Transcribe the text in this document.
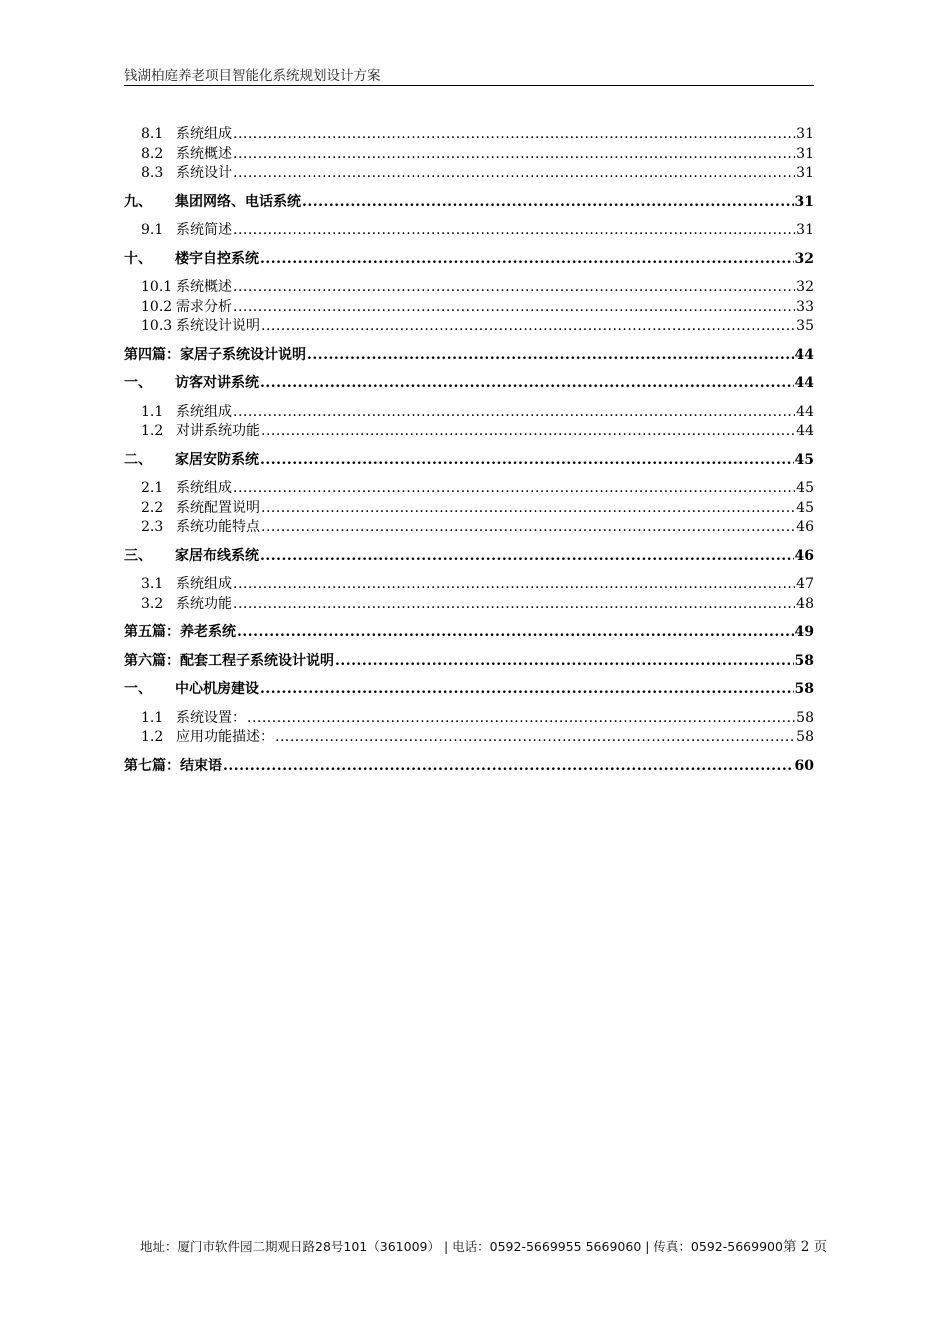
钱湖柏庭养老项目智能化系统规划设计方案
8.1 系统组成 .....	31
8.2 系统概述 .....	31
8.3 系统设计 .....	31
九、	集团网络、电话系统 .....	31
9.1 系统简述 .....	31
十、	楼宇自控系统 .....	32
10.1 系统概述 .....	32
10.2 需求分析 .....	33
10.3 系统设计说明 .....	35
第四篇：家居子系统设计说明 .....	44
一、	访客对讲系统 .....	44
1.1 系统组成 .....	44
1.2 对讲系统功能 .....	44
二、	家居安防系统 .....	45
2.1 系统组成 .....	45
2.2 系统配置说明 .....	45
2.3 系统功能特点 .....	46
三、	家居布线系统 .....	46
3.1 系统组成 .....	47
3.2 系统功能 .....	48
第五篇：养老系统 .....	49
第六篇：配套工程子系统设计说明 .....	58
一、	中心机房建设 .....	58
1.1 系统设置： .....	58
1.2 应用功能描述： .....	58
第七篇：结束语 .....	60
地址：厦门市软件园二期观日路28号101（361009） | 电话：0592-5669955 5669060 | 传真：0592-5669900第 2 页
